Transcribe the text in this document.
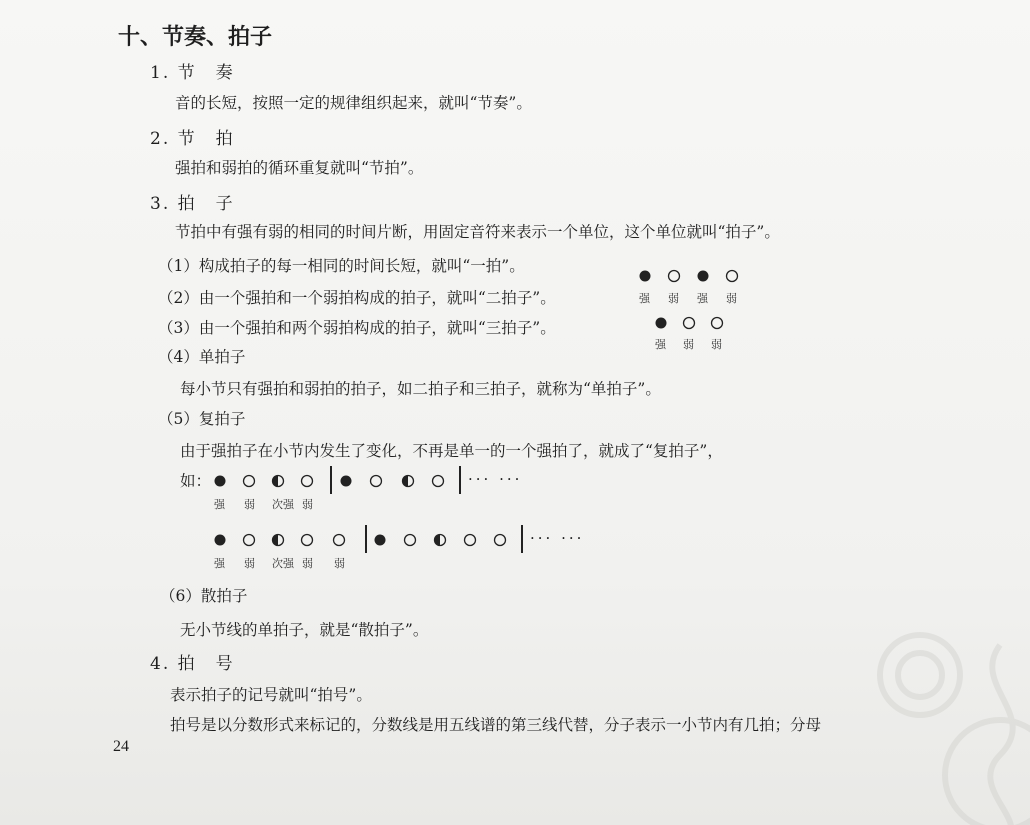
十、节奏、拍子
1. 节　奏
音的长短，按照一定的规律组织起来，就叫“节奏”。
2. 节　拍
强拍和弱拍的循环重复就叫“节拍”。
3. 拍　子
节拍中有强有弱的相同的时间片断，用固定音符来表示一个单位，这个单位就叫“拍子”。
（1）构成拍子的每一相同的时间长短，就叫“一拍”。
（2）由一个强拍和一个弱拍构成的拍子，就叫“二拍子”。	强 弱 强 弱
（3）由一个强拍和两个弱拍构成的拍子，就叫“三拍子”。
强 弱 弱
（4）单拍子
每小节只有强拍和弱拍的拍子，如二拍子和三拍子，就称为“单拍子”。
（5）复拍子
由于强拍子在小节内发生了变化，不再是单一的一个强拍了，就成了“复拍子”，
如：	··· ···
强 弱 次强 弱
··· ···
强 弱 次强 弱 弱
（6）散拍子
无小节线的单拍子，就是“散拍子”。
4. 拍　号
表示拍子的记号就叫“拍号”。
拍号是以分数形式来标记的，分数线是用五线谱的第三线代替，分子表示一小节内有几拍；分母
24
